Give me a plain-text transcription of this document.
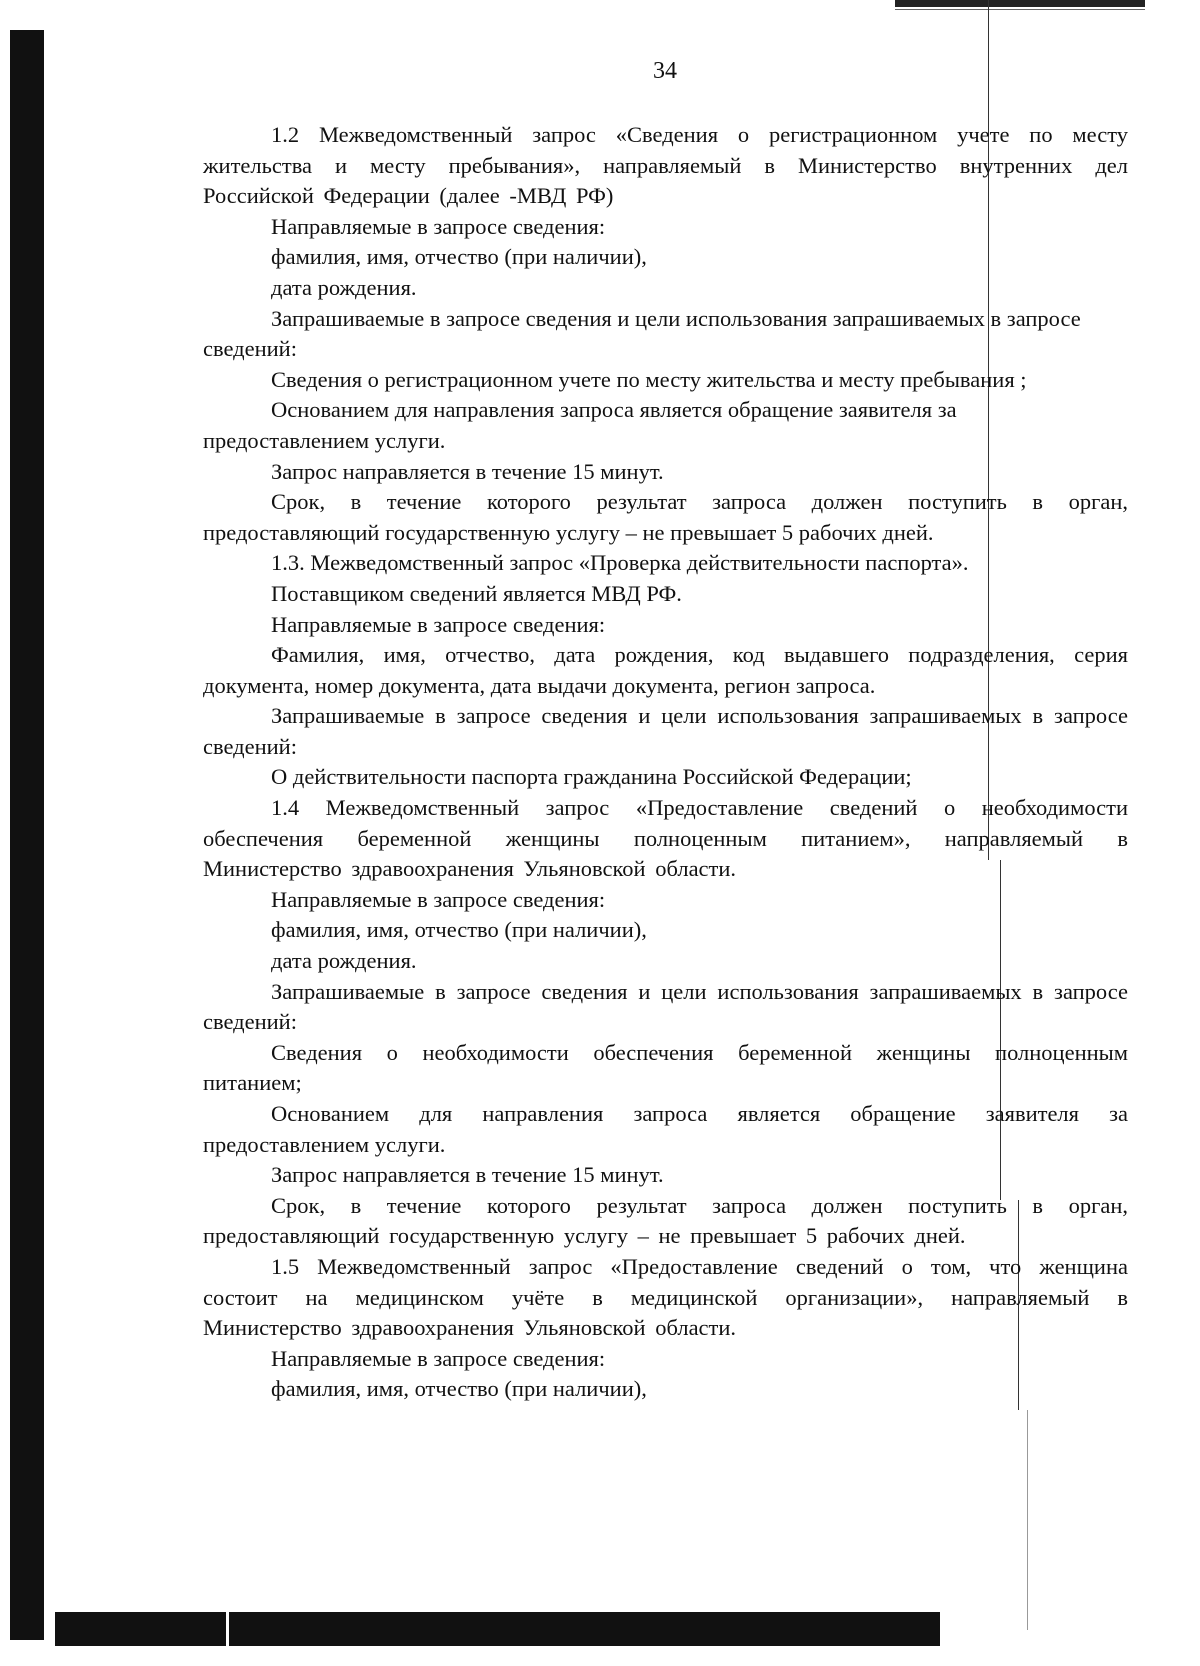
34

1.2 Межведомственный запрос «Сведения о регистрационном учете по месту жительства и месту пребывания», направляемый в Министерство внутренних дел Российской Федерации (далее -МВД РФ)

Направляемые в запросе сведения:

фамилия, имя, отчество (при наличии),

дата рождения.

Запрашиваемые в запросе сведения и цели использования запрашиваемых в запросе сведений:

Сведения о регистрационном учете по месту жительства и месту пребывания ;

Основанием для направления запроса является обращение заявителя за предоставлением услуги.

Запрос направляется в течение 15 минут.

Срок, в течение которого результат запроса должен поступить в орган, предоставляющий государственную услугу – не превышает 5 рабочих дней.

1.3. Межведомственный запрос «Проверка действительности паспорта».

Поставщиком сведений является МВД РФ.

Направляемые в запросе сведения:

Фамилия, имя, отчество, дата рождения, код выдавшего подразделения, серия документа, номер документа, дата выдачи документа, регион запроса.

Запрашиваемые в запросе сведения и цели использования запрашиваемых в запросе сведений:

О действительности паспорта гражданина Российской Федерации;

1.4 Межведомственный запрос «Предоставление сведений о необходимости обеспечения беременной женщины полноценным питанием», направляемый в Министерство здравоохранения Ульяновской области.

Направляемые в запросе сведения:

фамилия, имя, отчество (при наличии),

дата рождения.

Запрашиваемые в запросе сведения и цели использования запрашиваемых в запросе сведений:

Сведения о необходимости обеспечения беременной женщины полноценным питанием;

Основанием для направления запроса является обращение заявителя за предоставлением услуги.

Запрос направляется в течение 15 минут.

Срок, в течение которого результат запроса должен поступить в орган, предоставляющий государственную услугу – не превышает 5 рабочих дней.

1.5 Межведомственный запрос «Предоставление сведений о том, что женщина состоит на медицинском учёте в медицинской организации», направляемый в Министерство здравоохранения Ульяновской области.

Направляемые в запросе сведения:

фамилия, имя, отчество (при наличии),
